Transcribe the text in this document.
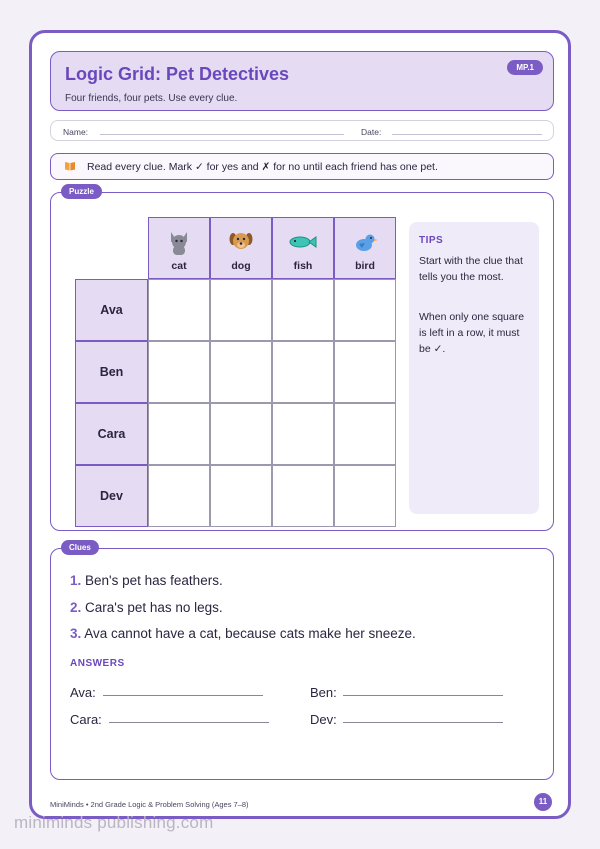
Logic Grid: Pet Detectives
Four friends, four pets. Use every clue.
MP.1
Name:	Date:
Read every clue. Mark ✓ for yes and ✗ for no until each friend has one pet.
Puzzle
cat	dog	fish	bird
Ava
Ben
Cara
Dev
TIPS

Start with the clue that tells you the most.

When only one square is left in a row, it must be ✓.

Clues
1. Ben's pet has feathers.
2. Cara's pet has no legs.
3. Ava cannot have a cat, because cats make her sneeze.
ANSWERS
Ava:	Ben:
Cara:	Dev:
MiniMinds • 2nd Grade Logic & Problem Solving (Ages 7–8)	11
miniminds publishing.com
